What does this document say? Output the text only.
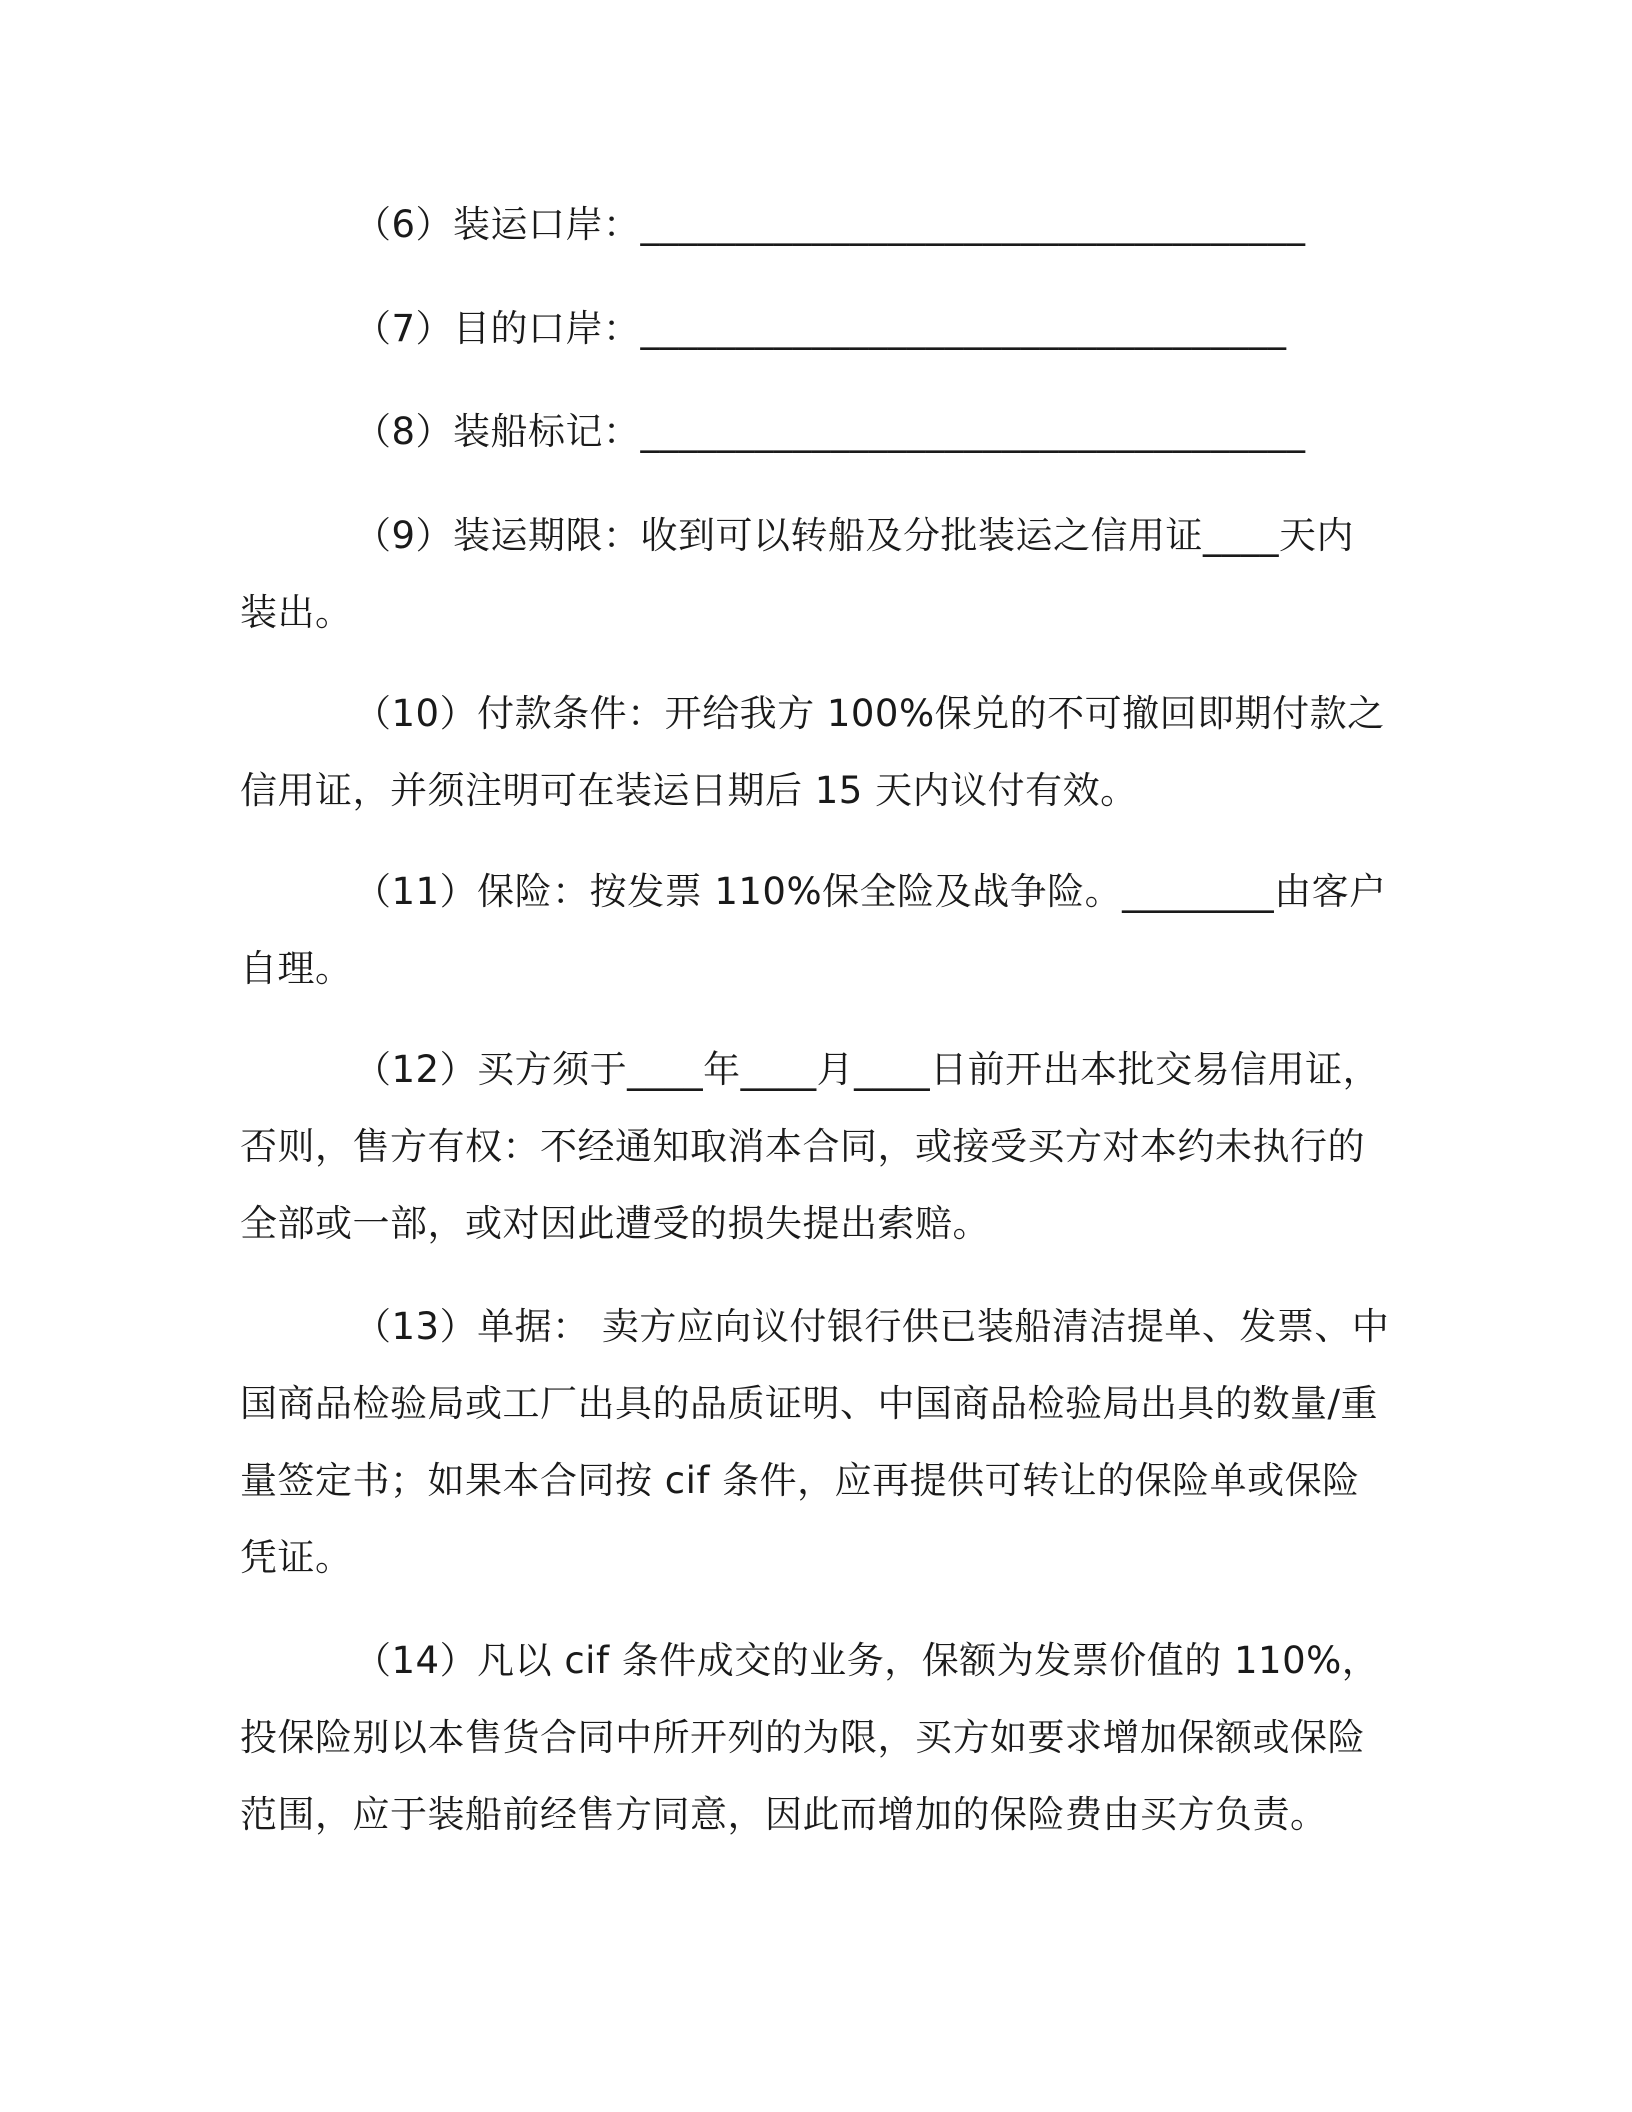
（6）装运口岸：___________________________________

（7）目的口岸：__________________________________

（8）装船标记：___________________________________

（9）装运期限：收到可以转船及分批装运之信用证____天内装出。

（10）付款条件：开给我方 100%保兑的不可撤回即期付款之信用证，并须注明可在装运日期后 15 天内议付有效。

（11）保险：按发票 110%保全险及战争险。________由客户自理。

（12）买方须于____年____月____日前开出本批交易信用证，否则，售方有权：不经通知取消本合同，或接受买方对本约未执行的全部或一部，或对因此遭受的损失提出索赔。

（13）单据： 卖方应向议付银行供已装船清洁提单、发票、中国商品检验局或工厂出具的品质证明、中国商品检验局出具的数量/重量签定书；如果本合同按 cif 条件，应再提供可转让的保险单或保险凭证。

（14）凡以 cif 条件成交的业务，保额为发票价值的 110%，投保险别以本售货合同中所开列的为限，买方如要求增加保额或保险范围，应于装船前经售方同意，因此而增加的保险费由买方负责。
